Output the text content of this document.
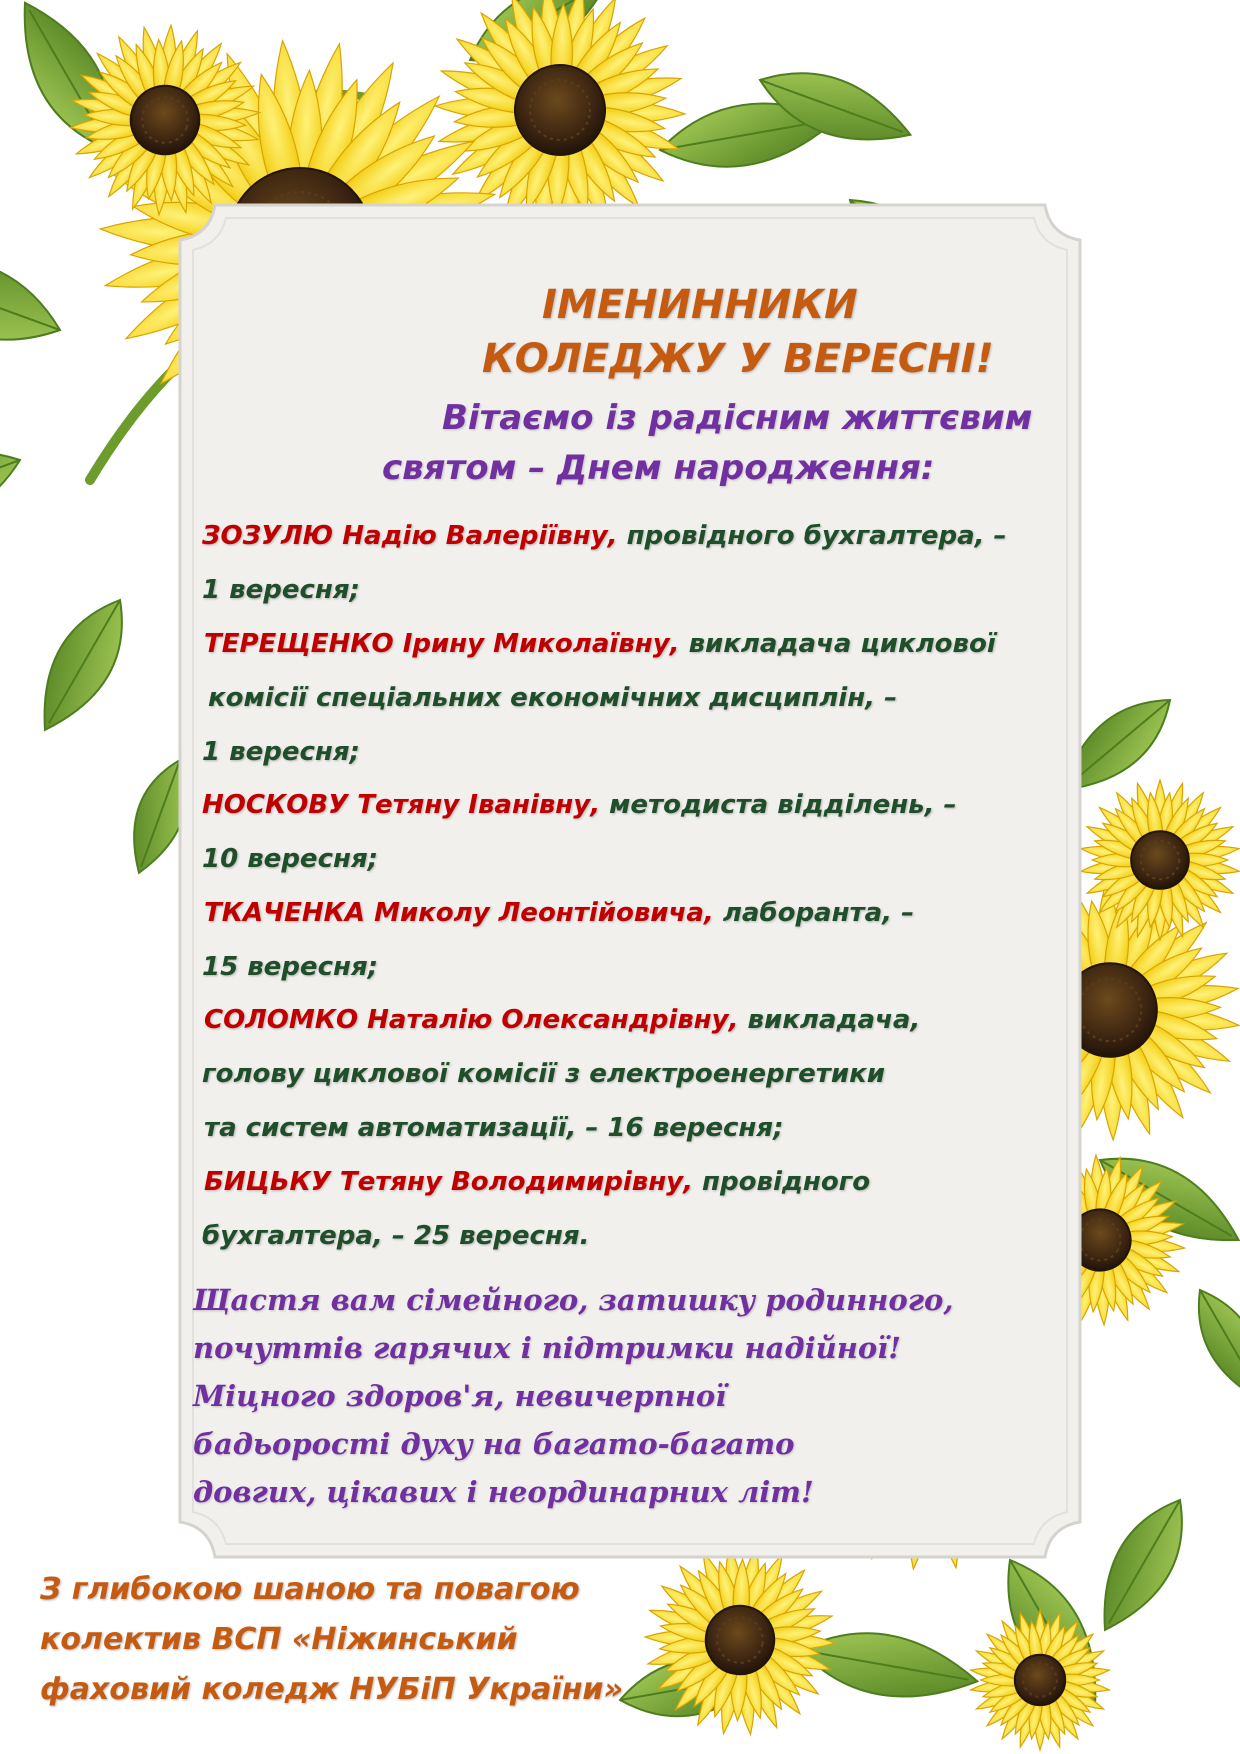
ІМЕНИННИКИ

КОЛЕДЖУ У ВЕРЕСНІ!

Вітаємо із радісним життєвим

святом – Днем народження:

ЗОЗУЛЮ Надію Валеріївну, провідного бухгалтера, –

1 вересня;

ТЕРЕЩЕНКО Ірину Миколаївну, викладача циклової

комісії спеціальних економічних дисциплін, –

1 вересня;

НОСКОВУ Тетяну Іванівну, методиста відділень, –

10 вересня;

ТКАЧЕНКА Миколу Леонтійовича, лаборанта, –

15 вересня;

СОЛОМКО Наталію Олександрівну, викладача,

голову циклової комісії з електроенергетики

та систем автоматизації, – 16 вересня;

БИЦЬКУ Тетяну Володимирівну, провідного

бухгалтера, – 25 вересня.

Щастя вам сімейного, затишку родинного,

почуттів гарячих і підтримки надійної!

Міцного здоров'я, невичерпної

бадьорості духу на багато-багато

довгих, цікавих і неординарних літ!

З глибокою шаною та повагою

колектив ВСП «Ніжинський

фаховий коледж НУБіП України»
